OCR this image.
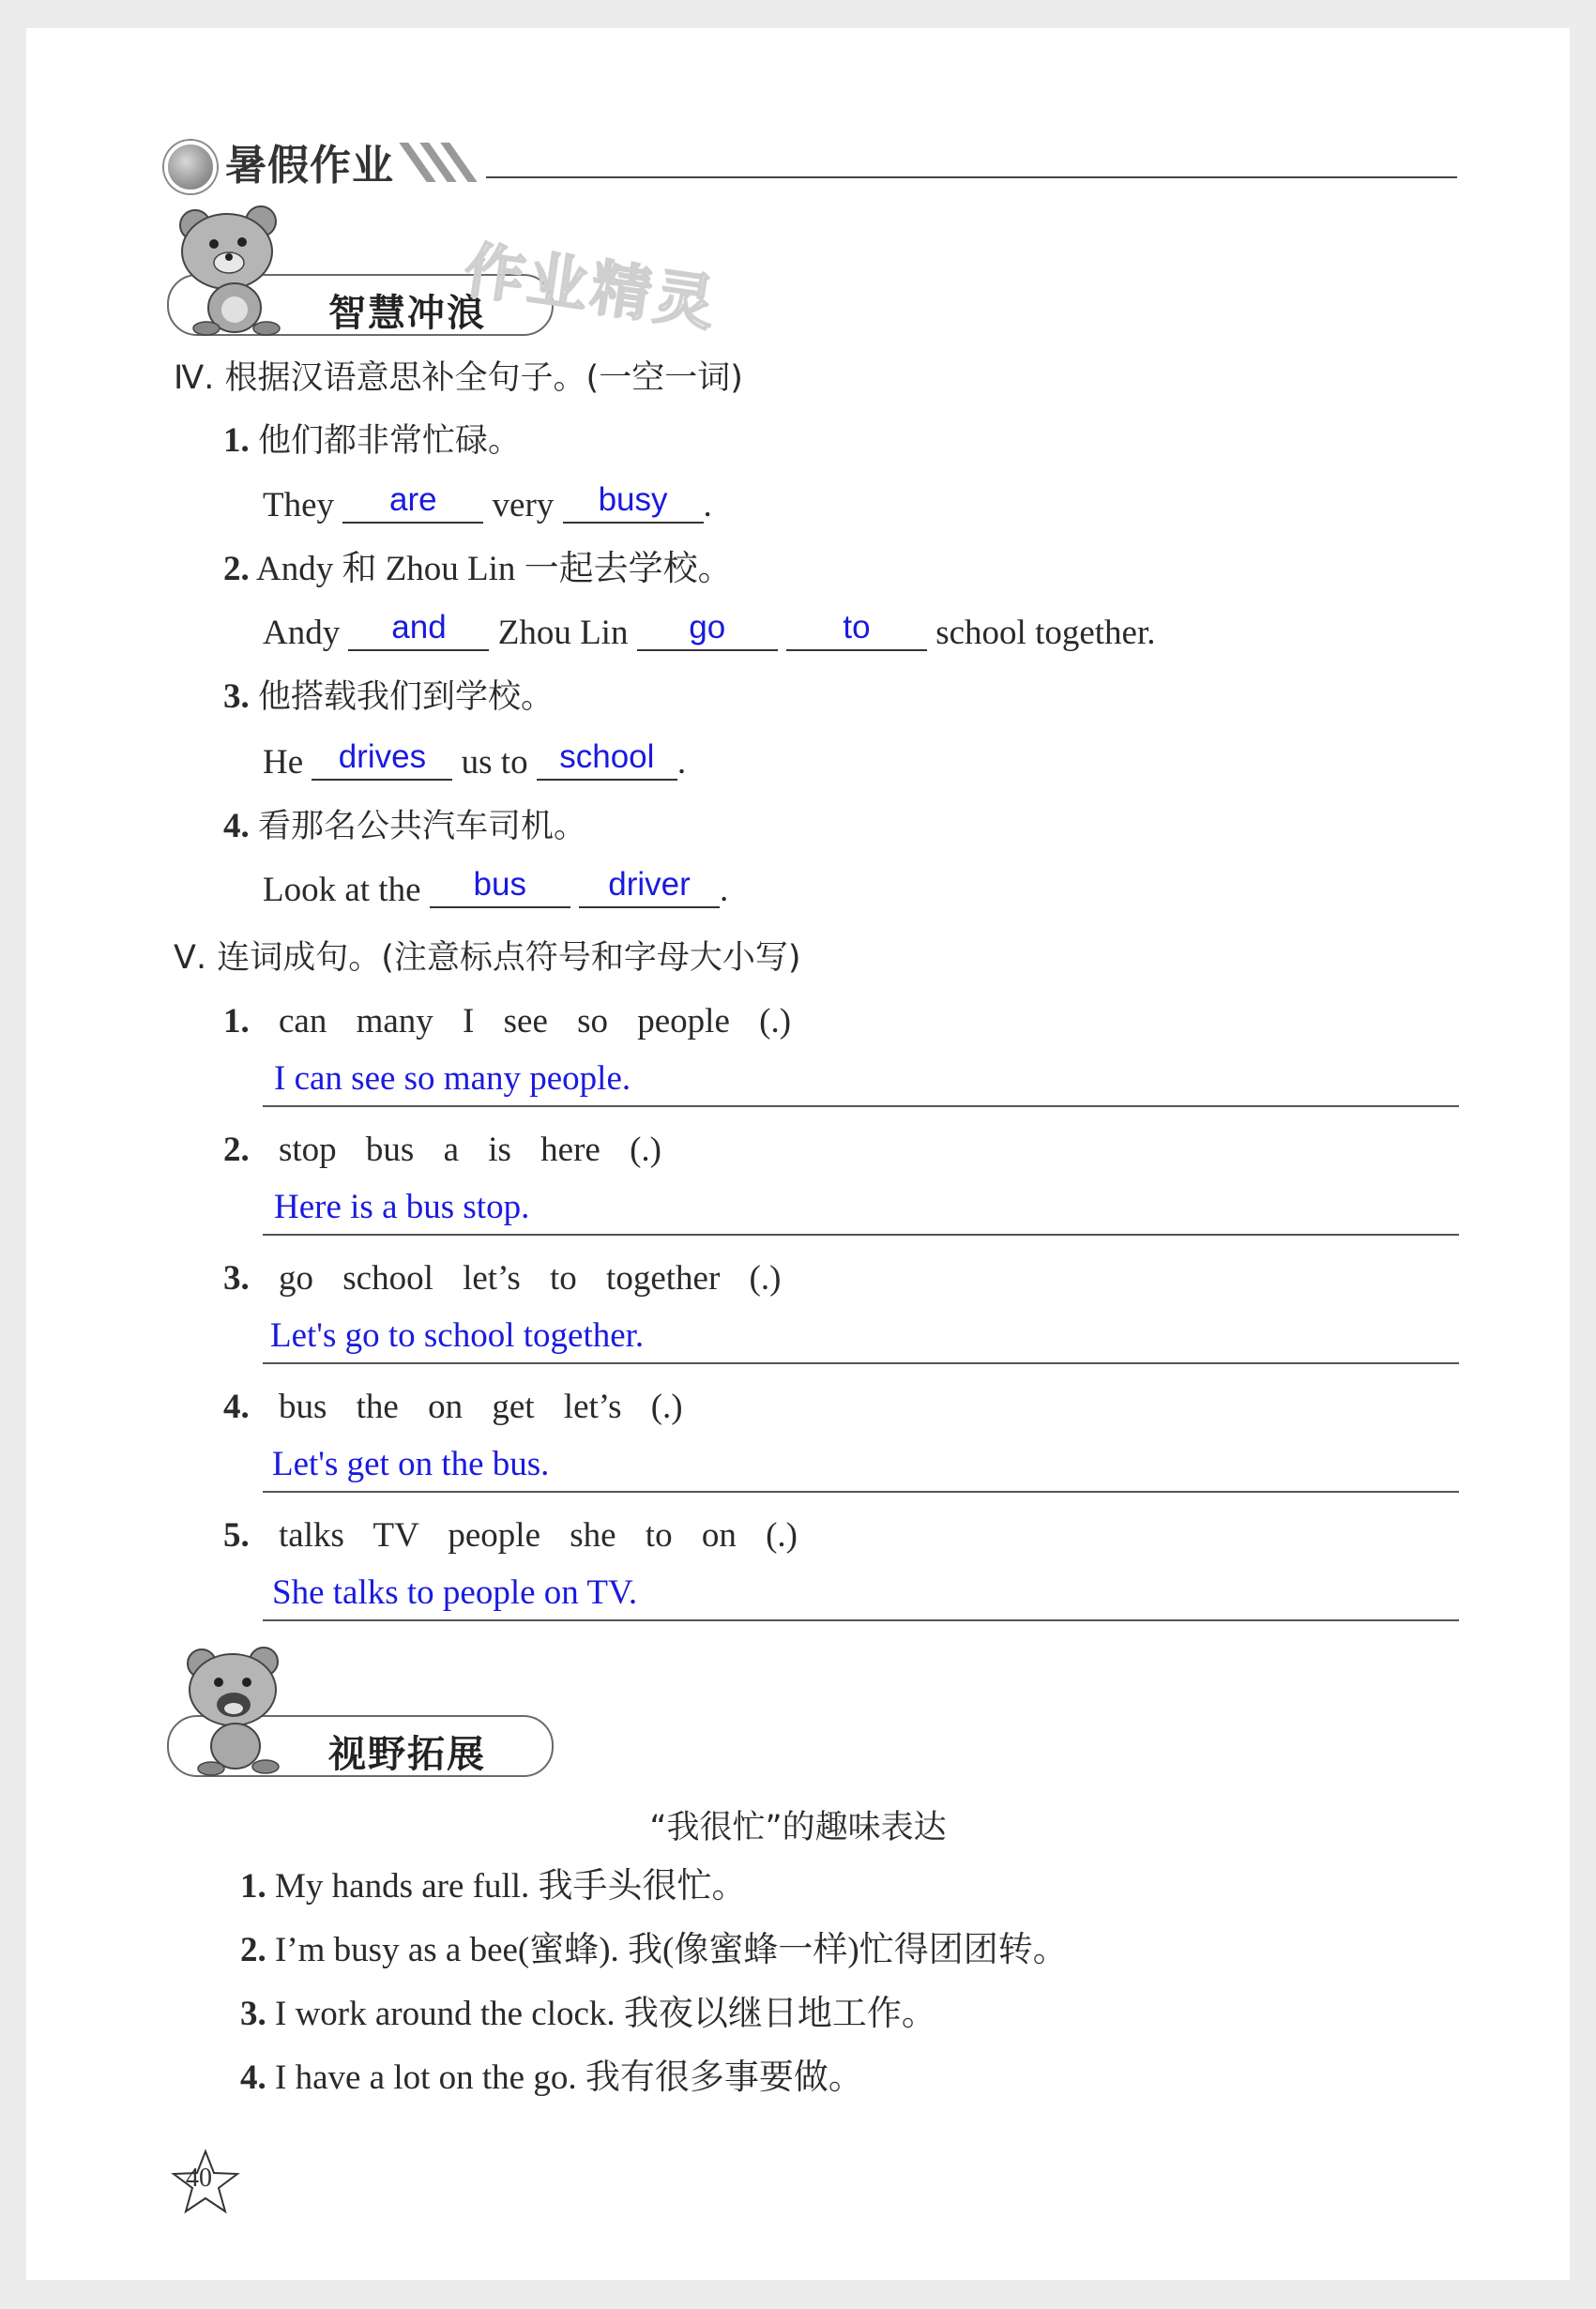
暑假作业
智慧冲浪
作业精灵
Ⅳ. 根据汉语意思补全句子。(一空一词)
1. 他们都非常忙碌。
They are very busy .
2. Andy 和 Zhou Lin 一起去学校。
Andy and Zhou Lin go	to school together.
3. 他搭载我们到学校。
He drives us to school .
4. 看那名公共汽车司机。
Look at the bus driver .
Ⅴ. 连词成句。(注意标点符号和字母大小写)
1. can many I see so people (.)
I can see so many people.
2. stop bus a is here (.)
Here is a bus stop.
3. go school let’s to together (.)
Let's go to school together.
4. bus the on get let’s (.)
Let's get on the bus.
5. talks TV people she to on (.)
She talks to people on TV.
视野拓展
“我很忙”的趣味表达
1. My hands are full. 我手头很忙。
2. I’m busy as a bee(蜜蜂). 我(像蜜蜂一样)忙得团团转。
3. I work around the clock. 我夜以继日地工作。
4. I have a lot on the go. 我有很多事要做。
40
